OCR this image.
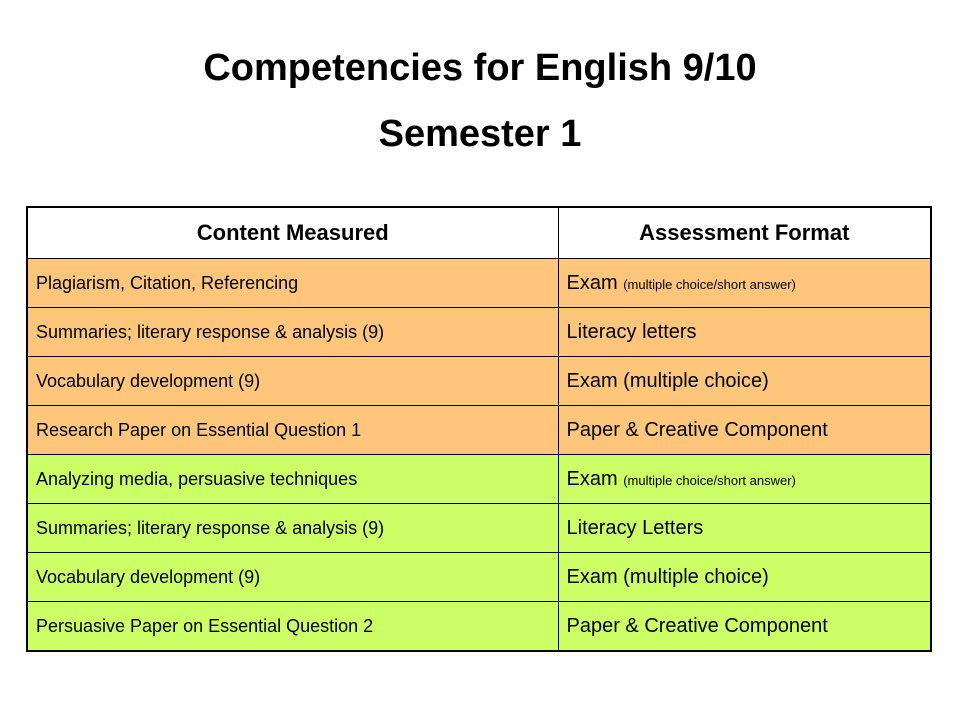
Competencies for English 9/10
Semester 1
Content Measured	Assessment Format
Plagiarism, Citation, Referencing	Exam (multiple choice/short answer)
Summaries; literary response & analysis (9)	Literacy letters
Vocabulary development (9)	Exam (multiple choice)
Research Paper on Essential Question 1	Paper & Creative Component
Analyzing media, persuasive techniques	Exam (multiple choice/short answer)
Summaries; literary response & analysis (9)	Literacy Letters
Vocabulary development (9)	Exam (multiple choice)
Persuasive Paper on Essential Question 2	Paper & Creative Component
